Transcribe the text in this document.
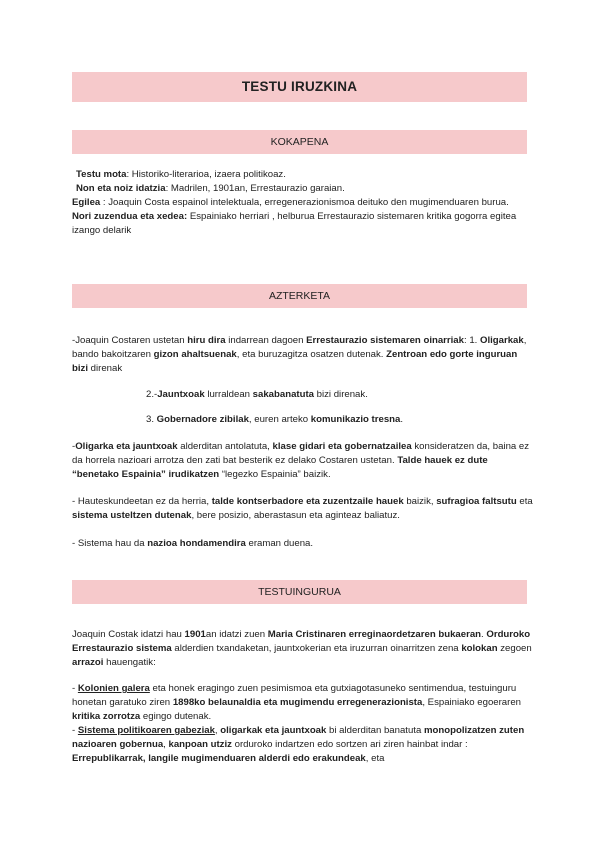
TESTU IRUZKINA
KOKAPENA

Testu mota: Historiko-literarioa, izaera politikoaz.

Non eta noiz idatzia: Madrilen, 1901an, Errestaurazio garaian.

Egilea : Joaquin Costa espainol intelektuala, erregenerazionismoa deituko den mugimenduaren burua.

Nori zuzendua eta xedea: Espainiako herriari , helburua Errestaurazio sistemaren kritika gogorra egitea izango delarik

AZTERKETA

-Joaquin Costaren ustetan hiru dira indarrean dagoen Errestaurazio sistemaren oinarriak: 1. Oligarkak, bando bakoitzaren gizon ahaltsuenak, eta buruzagitza osatzen dutenak. Zentroan edo gorte inguruan bizi direnak

2.-Jauntxoak lurraldean sakabanatuta bizi direnak.

3. Gobernadore zibilak, euren arteko komunikazio tresna.

-Oligarka eta jauntxoak alderditan antolatuta, klase gidari eta gobernatzailea konsideratzen da, baina ez da horrela nazioari arrotza den zati bat besterik ez delako Costaren ustetan. Talde hauek ez dute “benetako Espainia” irudikatzen “legezko Espainia” baizik.

- Hauteskundeetan ez da herria, talde kontserbadore eta zuzentzaile hauek baizik, sufragioa faltsutu eta sistema usteltzen dutenak, bere posizio, aberastasun eta aginteaz baliatuz.

- Sistema hau da nazioa hondamendira eraman duena.

TESTUINGURUA

Joaquin Costak idatzi hau 1901an idatzi zuen Maria Cristinaren erreginaordetzaren bukaeran. Orduroko Errestaurazio sistema alderdien txandaketan, jauntxokerian eta iruzurran oinarritzen zena kolokan zegoen arrazoi hauengatik:

- Kolonien galera eta honek eragingo zuen pesimismoa eta gutxiagotasuneko sentimendua, testuinguru honetan garatuko ziren 1898ko belaunaldia eta mugimendu erregenerazionista, Espainiako egoeraren kritika zorrotza egingo dutenak.

- Sistema politikoaren gabeziak, oligarkak eta jauntxoak bi alderditan banatuta monopolizatzen zuten nazioaren gobernua, kanpoan utziz orduroko indartzen edo sortzen ari ziren hainbat indar : Errepublikarrak, langile mugimenduaren alderdi edo erakundeak, eta
